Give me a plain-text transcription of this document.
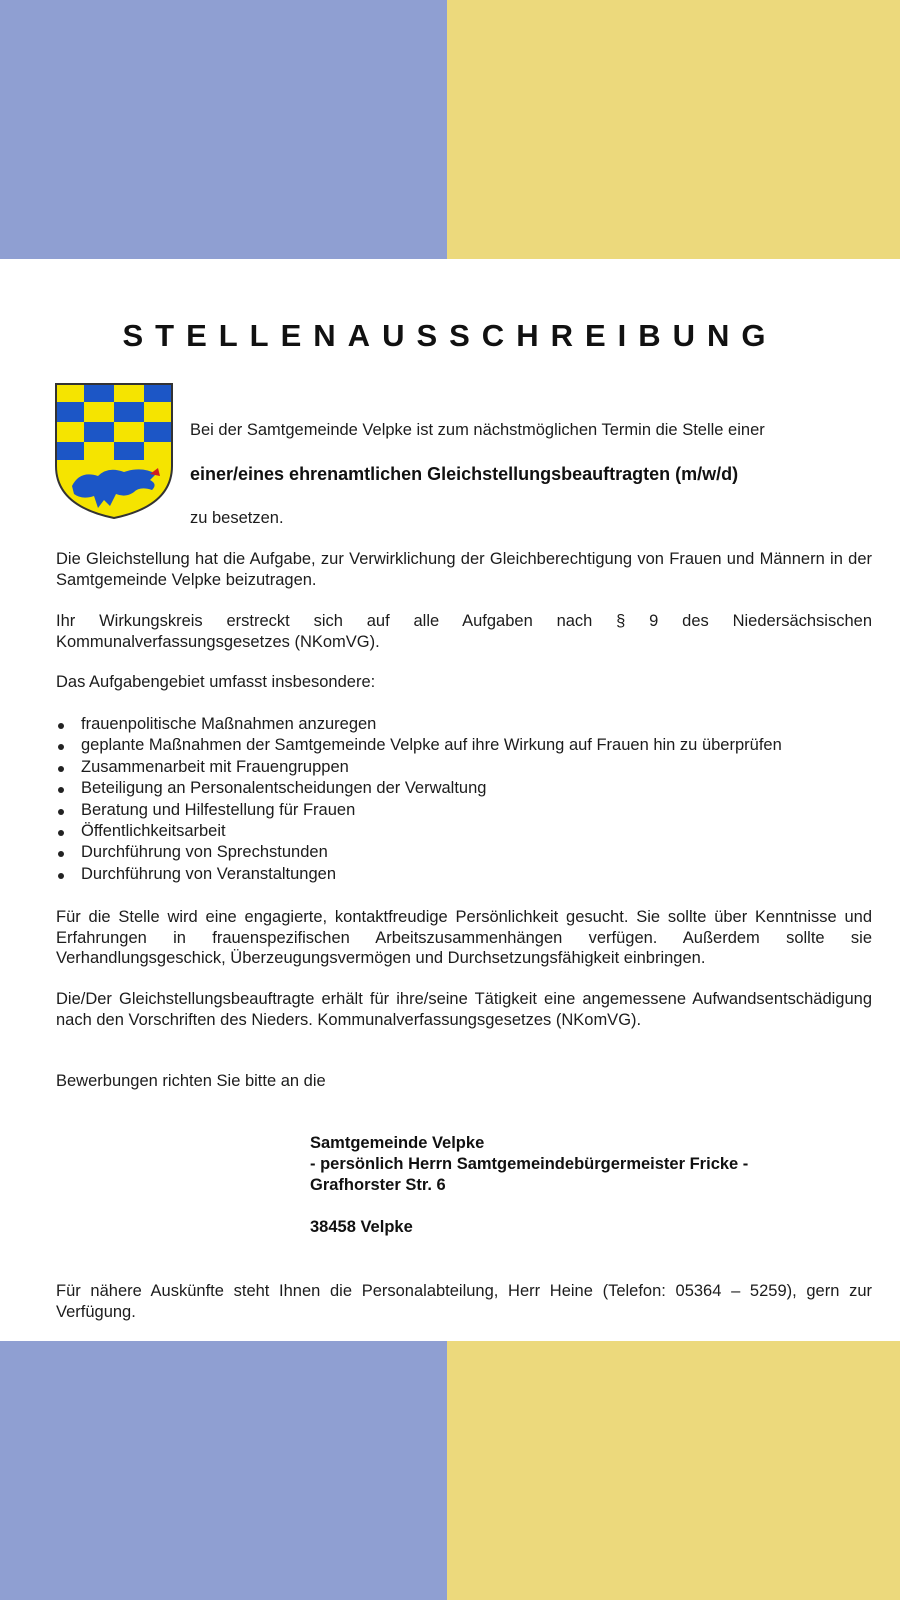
STELLENAUSSCHREIBUNG
Bei der Samtgemeinde Velpke ist zum nächstmöglichen Termin die Stelle einer
einer/eines ehrenamtlichen Gleichstellungsbeauftragten (m/w/d)
zu besetzen.
Die Gleichstellung hat die Aufgabe, zur Verwirklichung der Gleichberechtigung von Frauen und Männern in der Samtgemeinde Velpke beizutragen.
Ihr Wirkungskreis erstreckt sich auf alle Aufgaben nach § 9 des Niedersächsischen Kommunalverfassungsgesetzes (NKomVG).
Das Aufgabengebiet umfasst insbesondere:
frauenpolitische Maßnahmen anzuregen
geplante Maßnahmen der Samtgemeinde Velpke auf ihre Wirkung auf Frauen hin zu überprüfen
Zusammenarbeit mit Frauengruppen
Beteiligung an Personalentscheidungen der Verwaltung
Beratung und Hilfestellung für Frauen
Öffentlichkeitsarbeit
Durchführung von Sprechstunden
Durchführung von Veranstaltungen
Für die Stelle wird eine engagierte, kontaktfreudige Persönlichkeit gesucht. Sie sollte über Kenntnisse und Erfahrungen in frauenspezifischen Arbeitszusammenhängen verfügen. Außerdem sollte sie Verhandlungsgeschick, Überzeugungsvermögen und Durchsetzungsfähigkeit einbringen.
Die/Der Gleichstellungsbeauftragte erhält für ihre/seine Tätigkeit eine angemessene Aufwandsentschädigung nach den Vorschriften des Nieders. Kommunalverfassungsgesetzes (NKomVG).
Bewerbungen richten Sie bitte an die
Samtgemeinde Velpke
- persönlich Herrn Samtgemeindebürgermeister Fricke -
Grafhorster Str. 6
38458 Velpke
Für nähere Auskünfte steht Ihnen die Personalabteilung, Herr Heine (Telefon: 05364 – 5259), gern zur Verfügung.
